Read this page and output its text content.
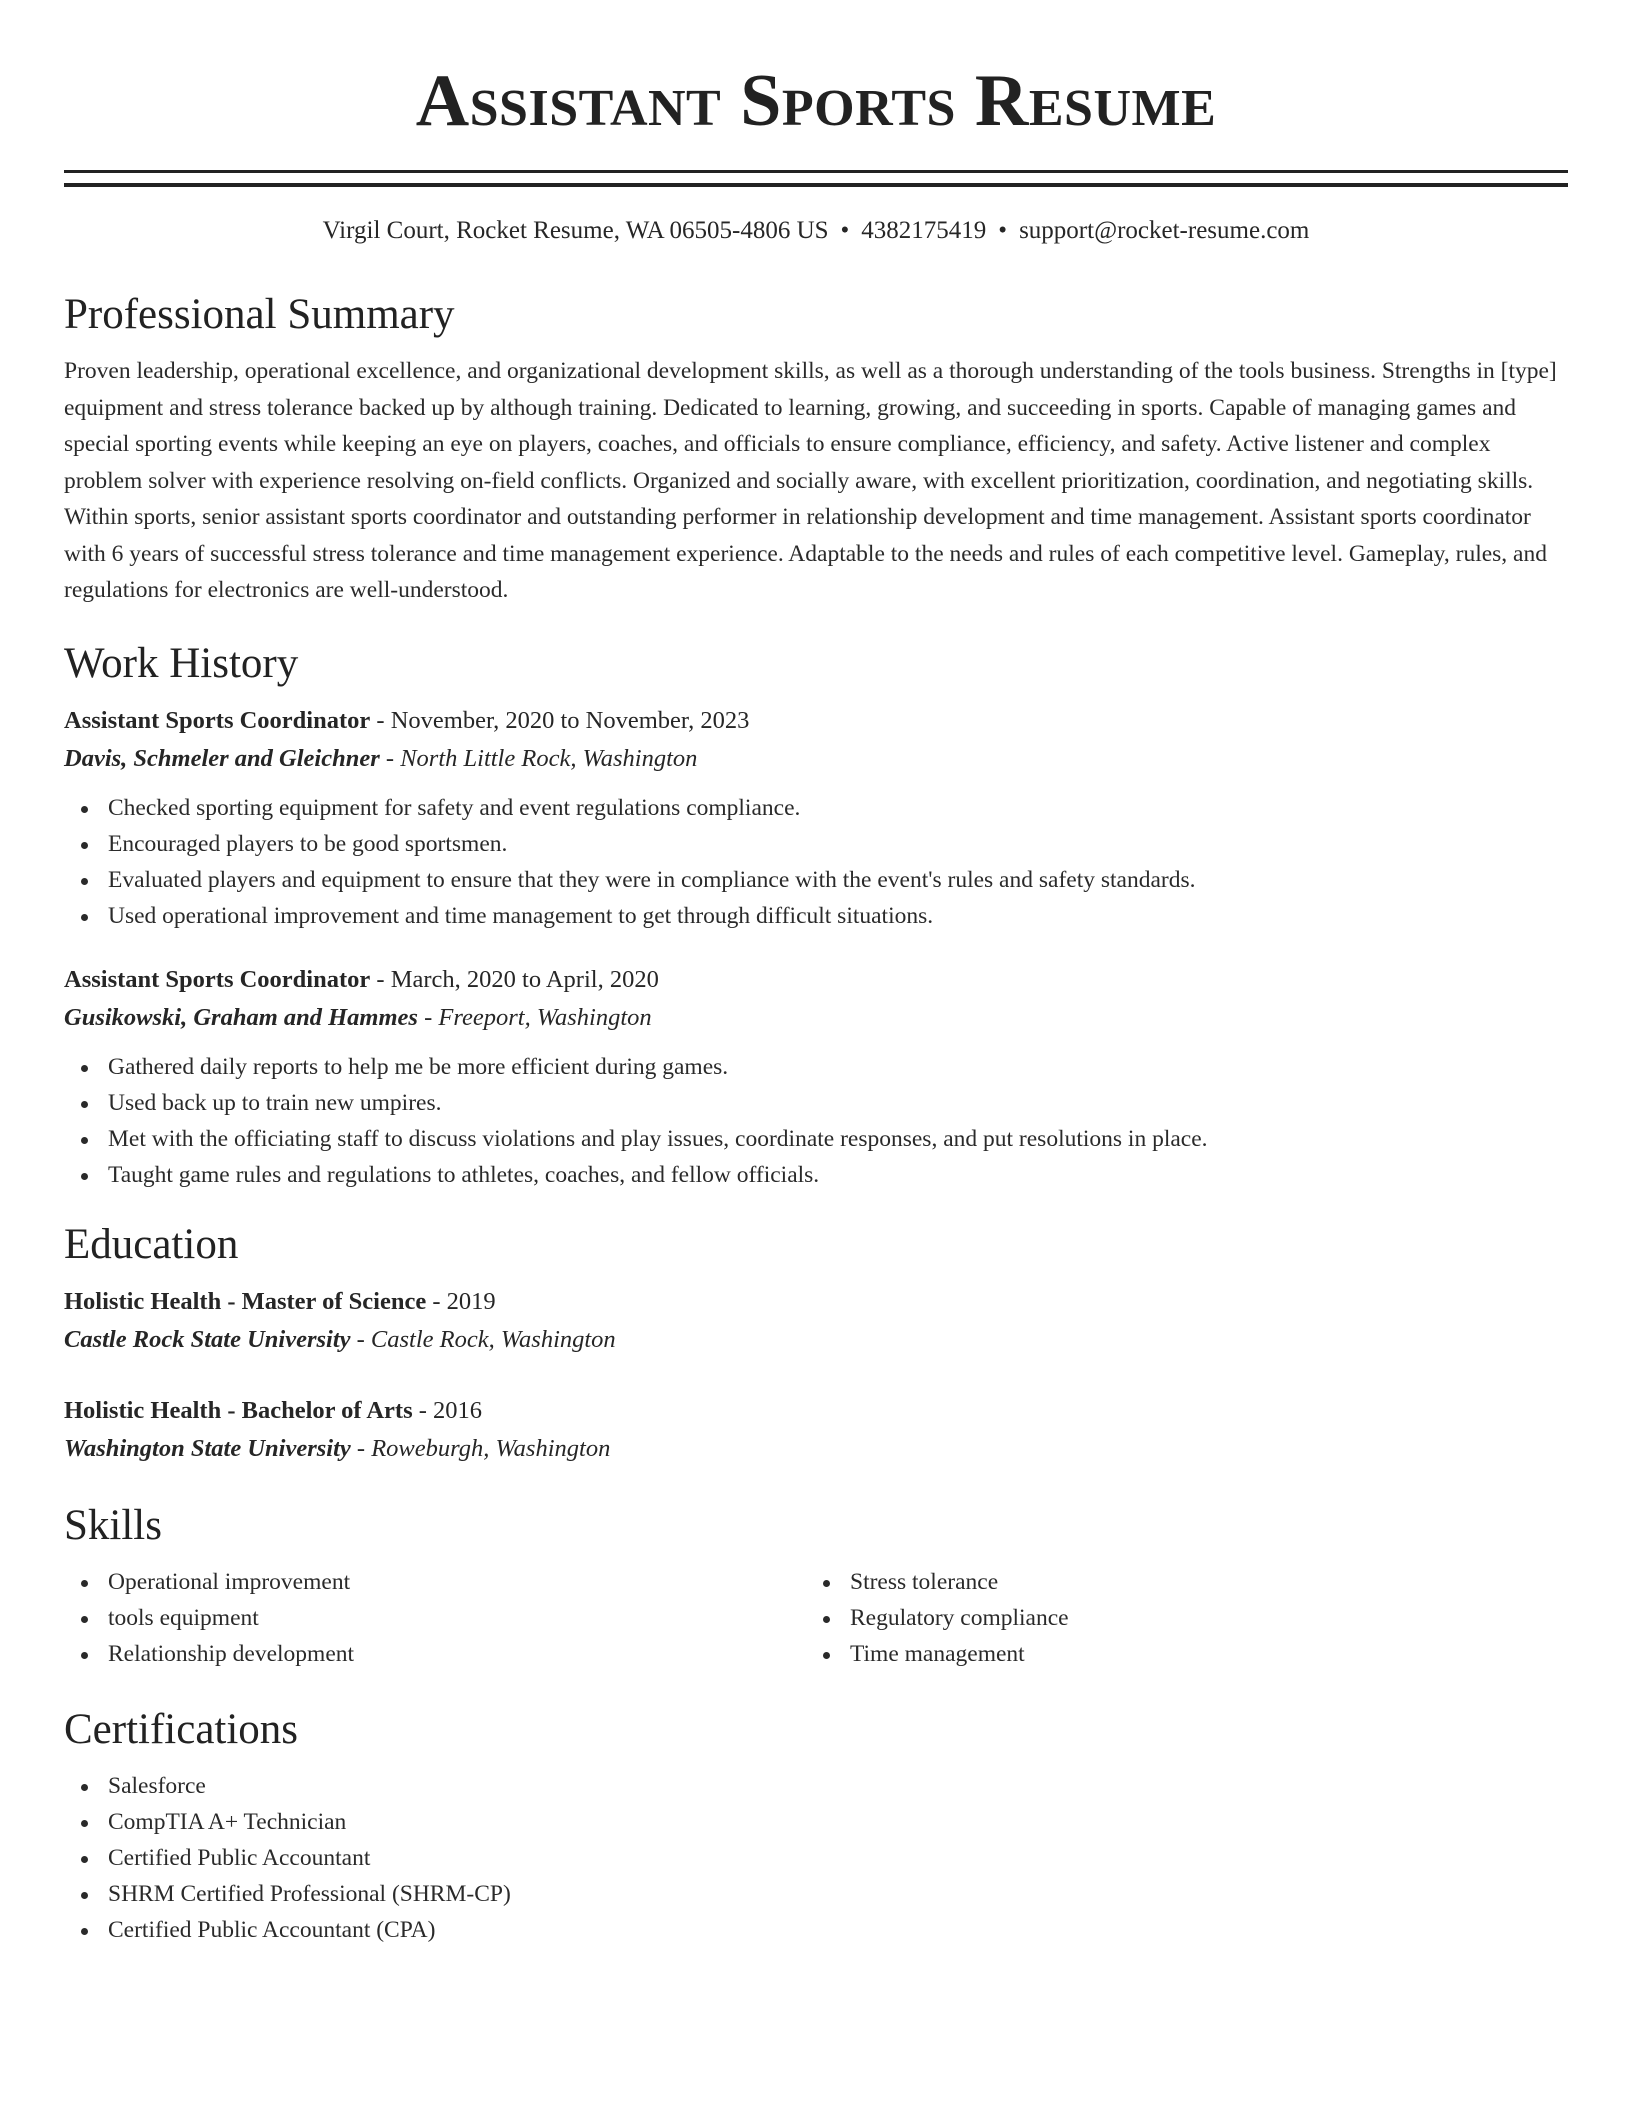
Assistant Sports Resume
Virgil Court, Rocket Resume, WA 06505-4806 US • 4382175419 • support@rocket-resume.com
Professional Summary

Proven leadership, operational excellence, and organizational development skills, as well as a thorough understanding of the tools business. Strengths in [type] equipment and stress tolerance backed up by although training. Dedicated to learning, growing, and succeeding in sports. Capable of managing games and special sporting events while keeping an eye on players, coaches, and officials to ensure compliance, efficiency, and safety. Active listener and complex problem solver with experience resolving on-field conflicts. Organized and socially aware, with excellent prioritization, coordination, and negotiating skills. Within sports, senior assistant sports coordinator and outstanding performer in relationship development and time management. Assistant sports coordinator with 6 years of successful stress tolerance and time management experience. Adaptable to the needs and rules of each competitive level. Gameplay, rules, and regulations for electronics are well-understood.

Work History
Assistant Sports Coordinator - November, 2020 to November, 2023
Davis, Schmeler and Gleichner - North Little Rock, Washington
Checked sporting equipment for safety and event regulations compliance.
Encouraged players to be good sportsmen.
Evaluated players and equipment to ensure that they were in compliance with the event's rules and safety standards.
Used operational improvement and time management to get through difficult situations.
Assistant Sports Coordinator - March, 2020 to April, 2020
Gusikowski, Graham and Hammes - Freeport, Washington
Gathered daily reports to help me be more efficient during games.
Used back up to train new umpires.
Met with the officiating staff to discuss violations and play issues, coordinate responses, and put resolutions in place.
Taught game rules and regulations to athletes, coaches, and fellow officials.
Education
Holistic Health - Master of Science - 2019
Castle Rock State University - Castle Rock, Washington
Holistic Health - Bachelor of Arts - 2016
Washington State University - Roweburgh, Washington
Skills
Operational improvement
tools equipment
Relationship development
Stress tolerance
Regulatory compliance
Time management
Certifications
Salesforce
CompTIA A+ Technician
Certified Public Accountant
SHRM Certified Professional (SHRM-CP)
Certified Public Accountant (CPA)
